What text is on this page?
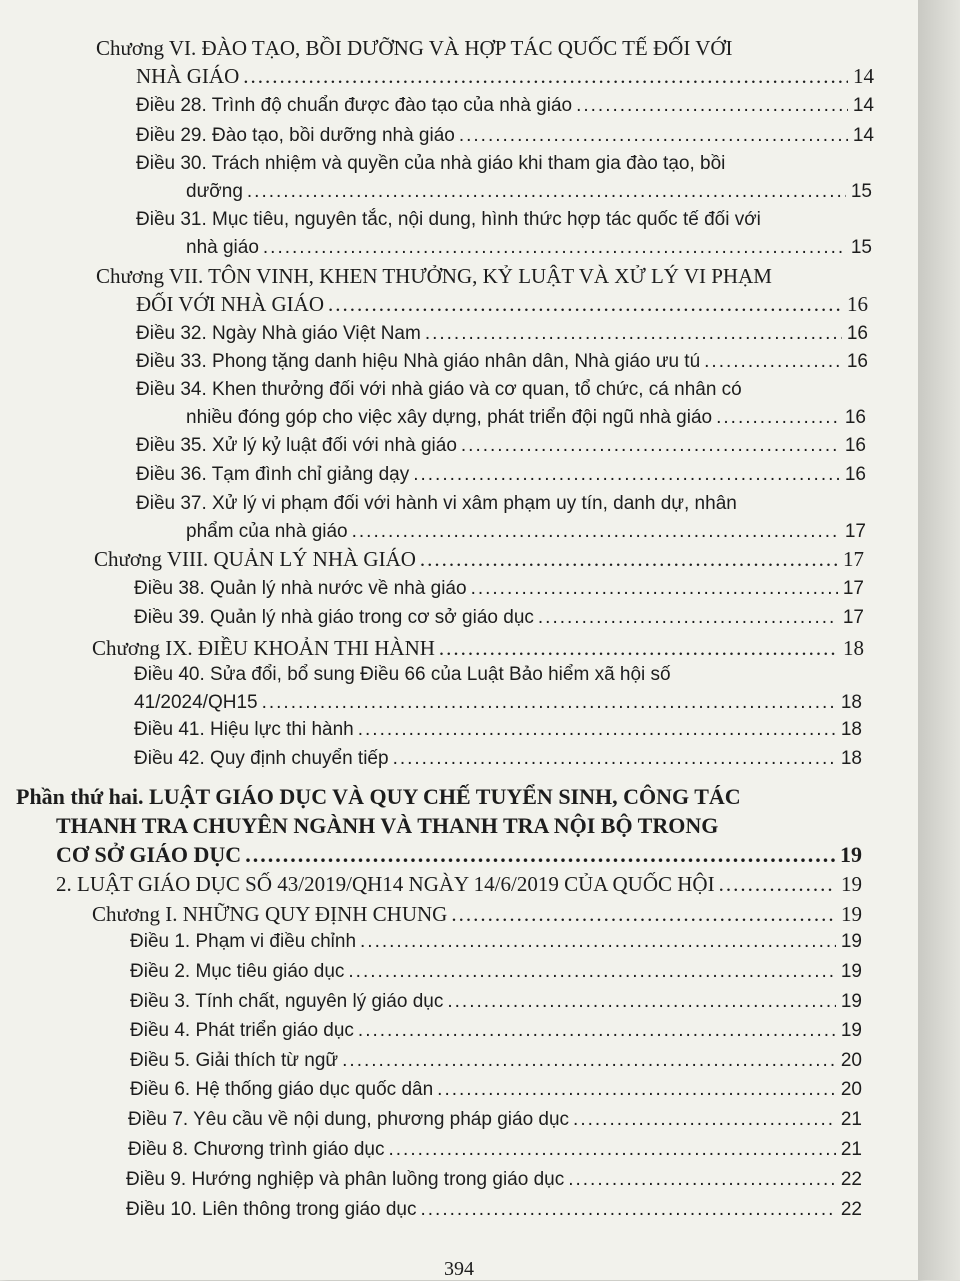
Chương VI. ĐÀO TẠO, BỒI DƯỠNG VÀ HỢP TÁC QUỐC TẾ ĐỐI VỚI
NHÀ GIÁO .....	14
Điều 28. Trình độ chuẩn được đào tạo của nhà giáo .....	14
Điều 29. Đào tạo, bồi dưỡng nhà giáo .....	14
Điều 30. Trách nhiệm và quyền của nhà giáo khi tham gia đào tạo, bồi
dưỡng .....	15
Điều 31. Mục tiêu, nguyên tắc, nội dung, hình thức hợp tác quốc tế đối với
nhà giáo .....	15
Chương VII. TÔN VINH, KHEN THƯỞNG, KỶ LUẬT VÀ XỬ LÝ VI PHẠM
ĐỐI VỚI NHÀ GIÁO .....	16
Điều 32. Ngày Nhà giáo Việt Nam .....	16
Điều 33. Phong tặng danh hiệu Nhà giáo nhân dân, Nhà giáo ưu tú .....	16
Điều 34. Khen thưởng đối với nhà giáo và cơ quan, tổ chức, cá nhân có
nhiều đóng góp cho việc xây dựng, phát triển đội ngũ nhà giáo .....	16
Điều 35. Xử lý kỷ luật đối với nhà giáo .....	16
Điều 36. Tạm đình chỉ giảng dạy .....	16
Điều 37. Xử lý vi phạm đối với hành vi xâm phạm uy tín, danh dự, nhân
phẩm của nhà giáo .....	17
Chương VIII. QUẢN LÝ NHÀ GIÁO .....	17
Điều 38. Quản lý nhà nước về nhà giáo .....	17
Điều 39. Quản lý nhà giáo trong cơ sở giáo dục .....	17
Chương IX. ĐIỀU KHOẢN THI HÀNH .....	18
Điều 40. Sửa đổi, bổ sung Điều 66 của Luật Bảo hiểm xã hội số
41/2024/QH15 .....	18
Điều 41. Hiệu lực thi hành .....	18
Điều 42. Quy định chuyển tiếp .....	18
Phần thứ hai. LUẬT GIÁO DỤC VÀ QUY CHẾ TUYỂN SINH, CÔNG TÁC
THANH TRA CHUYÊN NGÀNH VÀ THANH TRA NỘI BỘ TRONG
CƠ SỞ GIÁO DỤC .....	19
2. LUẬT GIÁO DỤC SỐ 43/2019/QH14 NGÀY 14/6/2019 CỦA QUỐC HỘI .....	19
Chương I. NHỮNG QUY ĐỊNH CHUNG .....	19
Điều 1. Phạm vi điều chỉnh .....	19
Điều 2. Mục tiêu giáo dục .....	19
Điều 3. Tính chất, nguyên lý giáo dục .....	19
Điều 4. Phát triển giáo dục .....	19
Điều 5. Giải thích từ ngữ .....	20
Điều 6. Hệ thống giáo dục quốc dân .....	20
Điều 7. Yêu cầu về nội dung, phương pháp giáo dục .....	21
Điều 8. Chương trình giáo dục .....	21
Điều 9. Hướng nghiệp và phân luồng trong giáo dục .....	22
Điều 10. Liên thông trong giáo dục .....	22
394
